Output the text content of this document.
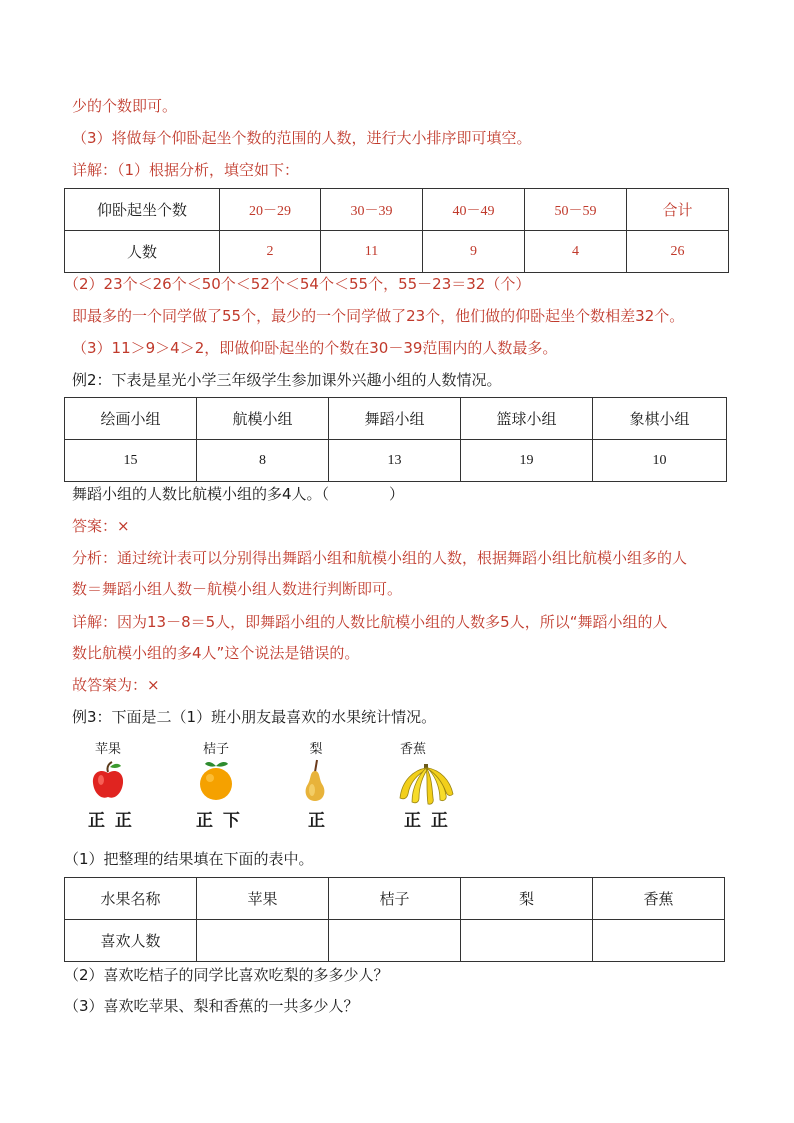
少的个数即可。
（3）将做每个仰卧起坐个数的范围的人数，进行大小排序即可填空。
详解：（1）根据分析，填空如下：
仰卧起坐个数	20－29	30－39	40－49	50－59	合计
人数	2	11	9	4	26
（2）23个＜26个＜50个＜52个＜54个＜55个，55－23＝32（个）
即最多的一个同学做了55个，最少的一个同学做了23个，他们做的仰卧起坐个数相差32个。
（3）11＞9＞4＞2，即做仰卧起坐的个数在30－39范围内的人数最多。
例2：下表是星光小学三年级学生参加课外兴趣小组的人数情况。
绘画小组	航模小组	舞蹈小组	篮球小组	象棋小组
15	8	13	19	10
舞蹈小组的人数比航模小组的多4人。（　　　　）
答案：×
分析：通过统计表可以分别得出舞蹈小组和航模小组的人数，根据舞蹈小组比航模小组多的人
数＝舞蹈小组人数－航模小组人数进行判断即可。
详解：因为13－8＝5人，即舞蹈小组的人数比航模小组的人数多5人，所以“舞蹈小组的人
数比航模小组的多4人”这个说法是错误的。
故答案为：×
例3：下面是二（1）班小朋友最喜欢的水果统计情况。
苹果
正 正
桔子
正 下
梨
正
香蕉
正 正
（1）把整理的结果填在下面的表中。
水果名称	苹果	桔子	梨	香蕉
喜欢人数				
（2）喜欢吃桔子的同学比喜欢吃梨的多多少人？
（3）喜欢吃苹果、梨和香蕉的一共多少人？
